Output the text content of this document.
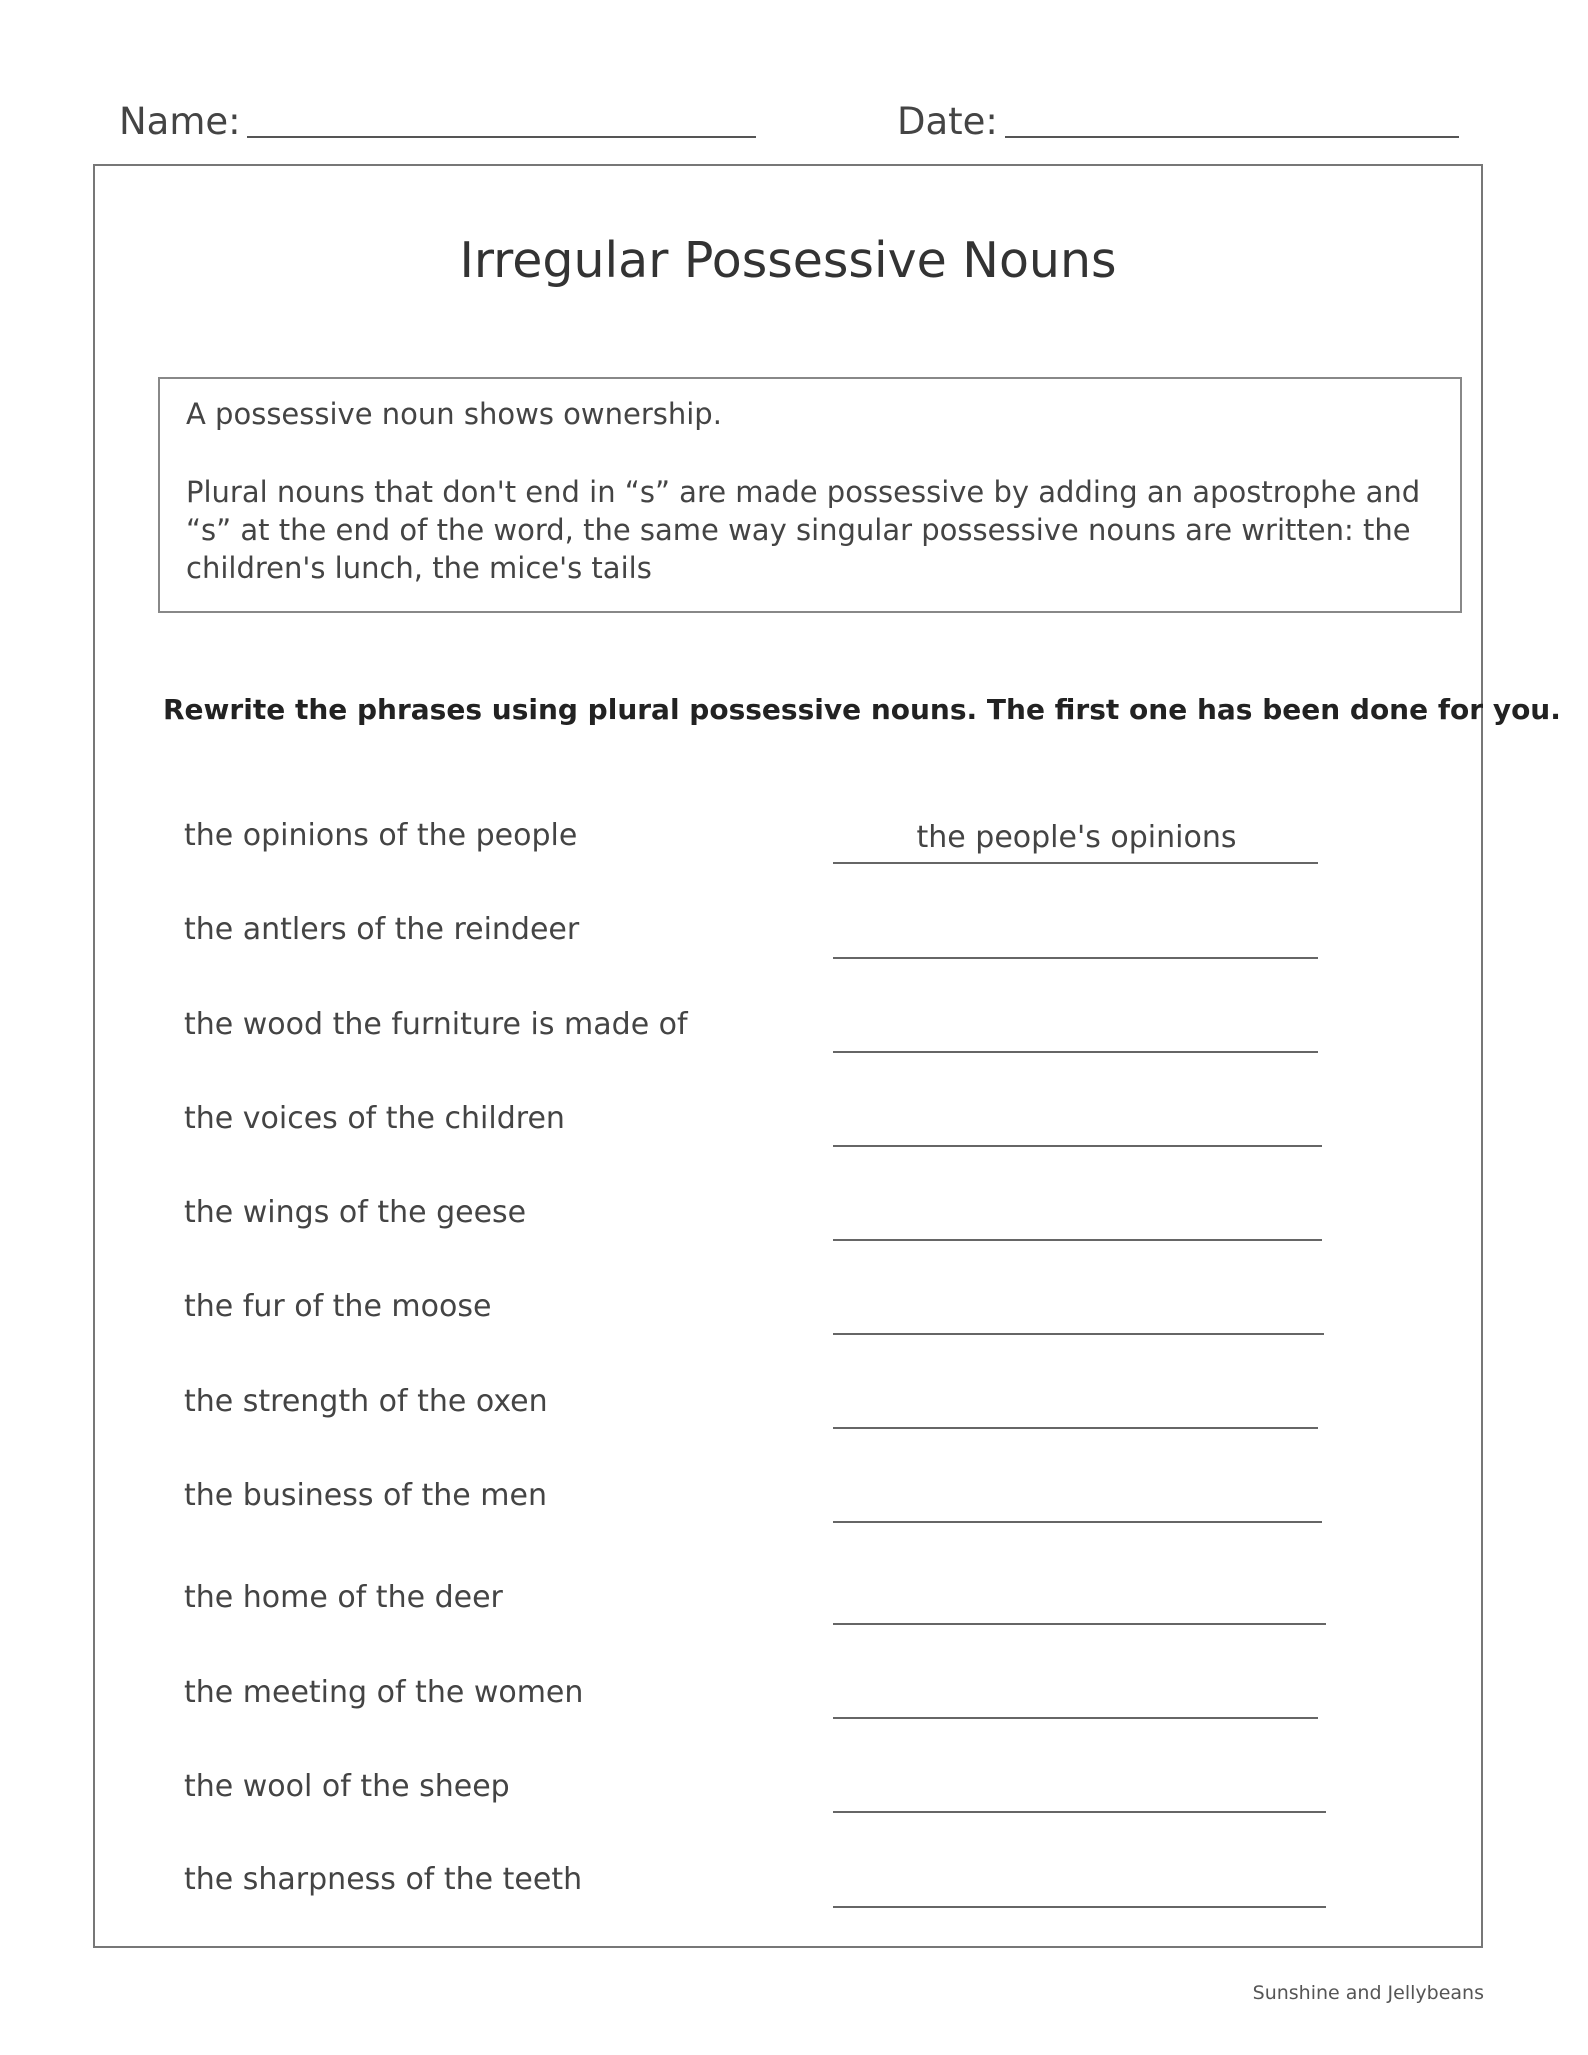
Name:	Date:
Irregular Possessive Nouns
A possessive noun shows ownership.
Plural nouns that don't end in “s” are made possessive by adding an apostrophe and “s” at the end of the word, the same way singular possessive nouns are written: the children's lunch, the mice's tails
Rewrite the phrases using plural possessive nouns. The first one has been done for you.
the opinions of the people	the people's opinions
the antlers of the reindeer
the wood the furniture is made of
the voices of the children
the wings of the geese
the fur of the moose
the strength of the oxen
the business of the men
the home of the deer
the meeting of the women
the wool of the sheep
the sharpness of the teeth
Sunshine and Jellybeans
